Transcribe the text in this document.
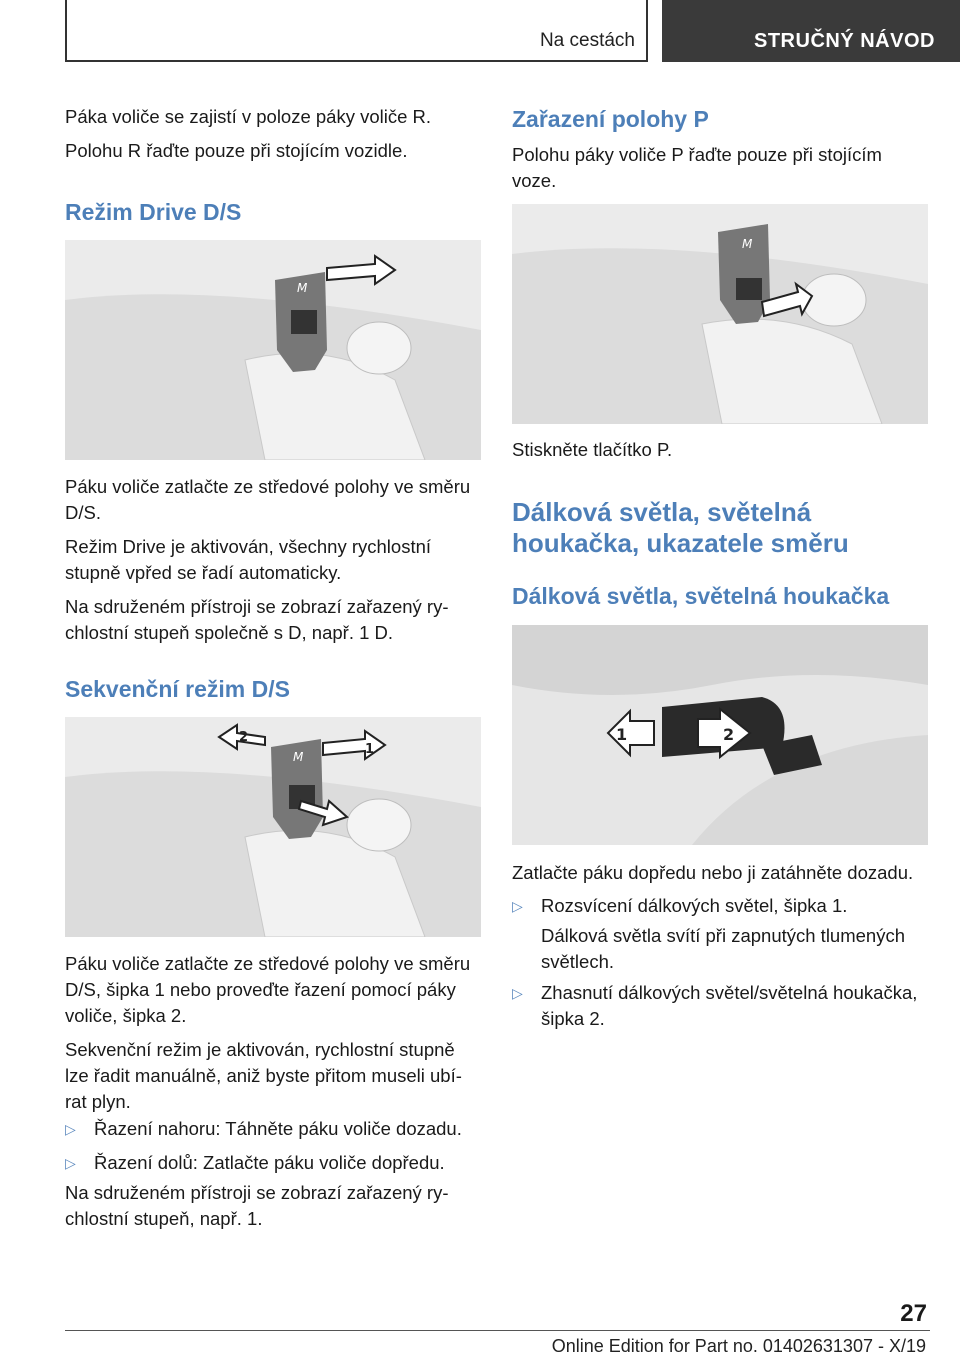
Na cestách	STRUČNÝ NÁVOD

Páka voliče se zajistí v poloze páky voliče R.

Polohu R řaďte pouze při stojícím vozidle.

Režim Drive D/S
M

Páku voliče zatlačte ze středové polohy ve směru D/S.

Režim Drive je aktivován, všechny rychlostní stupně vpřed se řadí automaticky.

Na sdruženém přístroji se zobrazí zařazený ry‐chlostní stupeň společně s D, např. 1 D.

Sekvenční režim D/S
M	1
2

Páku voliče zatlačte ze středové polohy ve směru D/S, šipka 1 nebo proveďte řazení pomocí páky voliče, šipka 2.

Sekvenční režim je aktivován, rychlostní stupně lze řadit manuálně, aniž byste přitom museli ubí‐rat plyn.

▷ Řazení nahoru: Táhněte páku voliče dozadu.
▷ Řazení dolů: Zatlačte páku voliče dopředu.

Na sdruženém přístroji se zobrazí zařazený ry‐chlostní stupeň, např. 1.

Zařazení polohy P

Polohu páky voliče P řaďte pouze při stojícím voze.

M

Stiskněte tlačítko P.

Dálková světla, světelná houkačka, ukazatele směru
Dálková světla, světelná houkačka
2
1

Zatlačte páku dopředu nebo ji zatáhněte dozadu.

▷ Rozsvícení dálkových světel, šipka 1.
Dálková světla svítí při zapnutých tlumených světlech.
▷ Zhasnutí dálkových světel/světelná houkačka, šipka 2.
27
Online Edition for Part no. 01402631307 - X/19
